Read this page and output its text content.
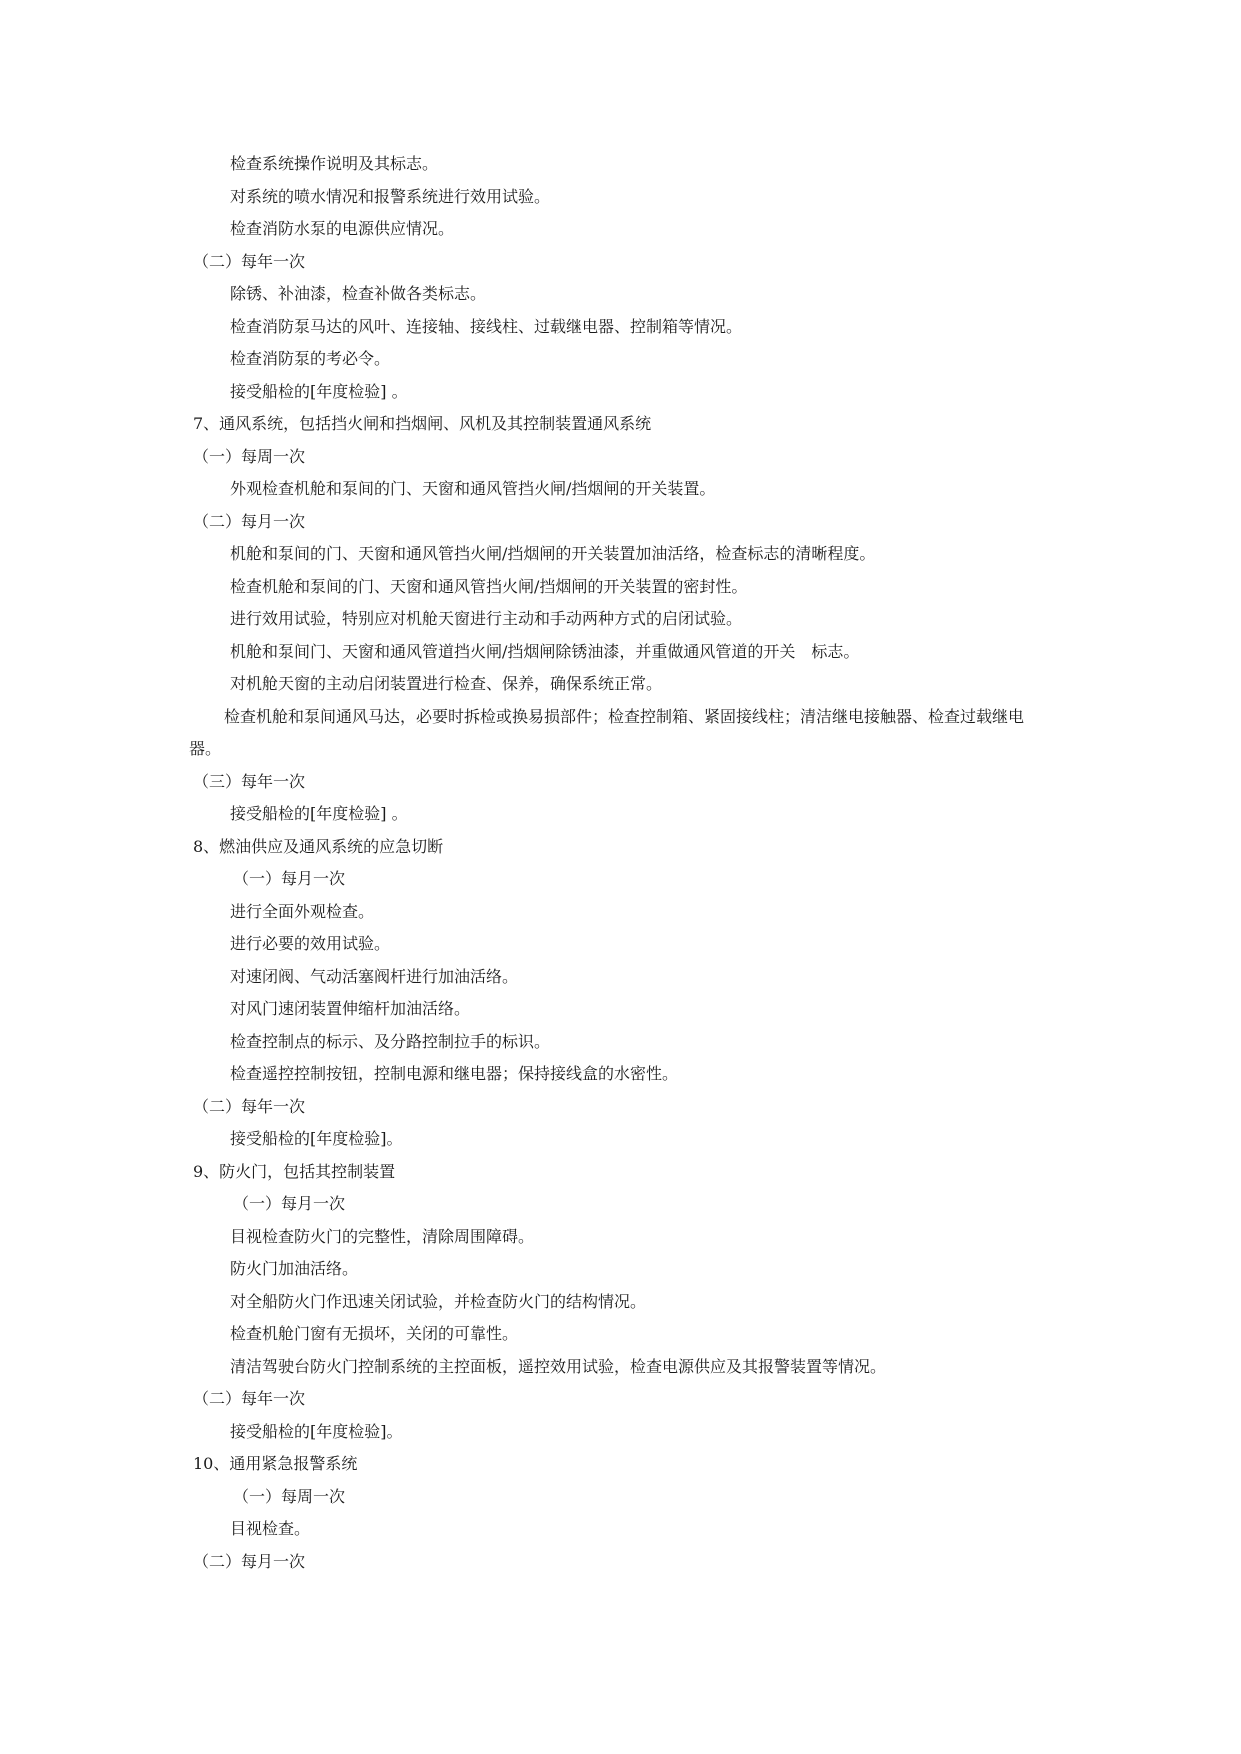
检查系统操作说明及其标志。
对系统的喷水情况和报警系统进行效用试验。
检查消防水泵的电源供应情况。
（二）每年一次
除锈、补油漆，检查补做各类标志。
检查消防泵马达的风叶、连接轴、接线柱、过载继电器、控制箱等情况。
检查消防泵的考必令。
接受船检的[年度检验] 。
7、通风系统，包括挡火闸和挡烟闸、风机及其控制装置通风系统
（一）每周一次
外观检查机舱和泵间的门、天窗和通风管挡火闸/挡烟闸的开关装置。
（二）每月一次
机舱和泵间的门、天窗和通风管挡火闸/挡烟闸的开关装置加油活络，检查标志的清晰程度。
检查机舱和泵间的门、天窗和通风管挡火闸/挡烟闸的开关装置的密封性。
进行效用试验，特别应对机舱天窗进行主动和手动两种方式的启闭试验。
机舱和泵间门、天窗和通风管道挡火闸/挡烟闸除锈油漆，并重做通风管道的开关　标志。
对机舱天窗的主动启闭装置进行检查、保养，确保系统正常。
检查机舱和泵间通风马达，必要时拆检或换易损部件；检查控制箱、紧固接线柱；清洁继电接触器、检查过载继电
器。
（三）每年一次
接受船检的[年度检验] 。
8、燃油供应及通风系统的应急切断
（一）每月一次
进行全面外观检查。
进行必要的效用试验。
对速闭阀、气动活塞阀杆进行加油活络。
对风门速闭装置伸缩杆加油活络。
检查控制点的标示、及分路控制拉手的标识。
检查遥控控制按钮，控制电源和继电器；保持接线盒的水密性。
（二）每年一次
接受船检的[年度检验]。
9、防火门，包括其控制装置
（一）每月一次
目视检查防火门的完整性，清除周围障碍。
防火门加油活络。
对全船防火门作迅速关闭试验，并检查防火门的结构情况。
检查机舱门窗有无损坏，关闭的可靠性。
清洁驾驶台防火门控制系统的主控面板，遥控效用试验，检查电源供应及其报警装置等情况。
（二）每年一次
接受船检的[年度检验]。
10、通用紧急报警系统
（一）每周一次
目视检查。
（二）每月一次
